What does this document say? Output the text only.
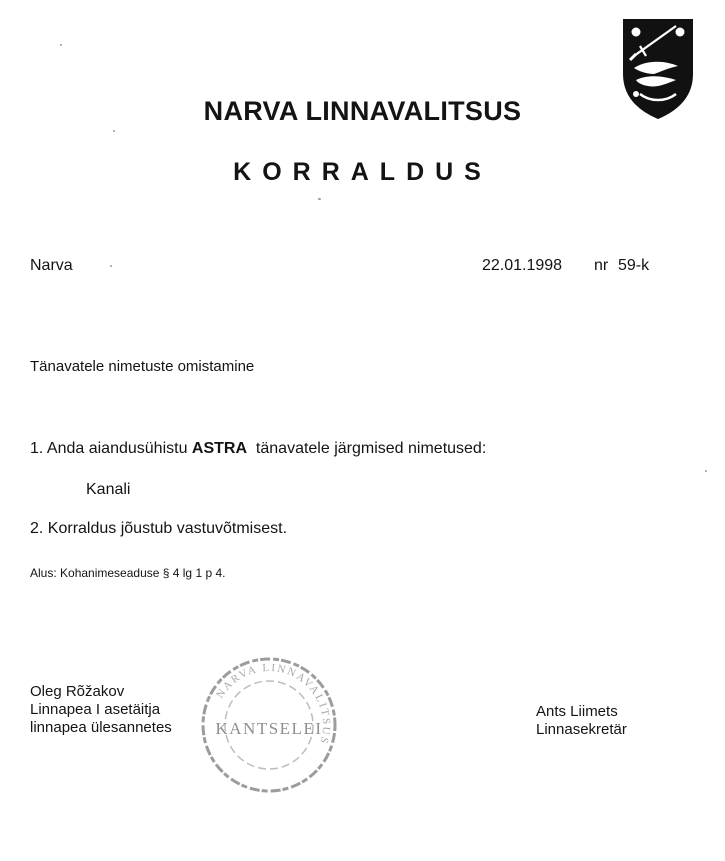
NARVA LINNAVALITSUS
KORRALDUS
Narva	22.01.1998 nr 59-k
Tänavatele nimetuste omistamine
1. Anda aiandusühistu ASTRA tänavatele järgmised nimetused:
Kanali
2. Korraldus jõustub vastuvõtmisest.
Alus: Kohanimeseaduse § 4 lg 1 p 4.
NARVA LINNAVALITSUS
KANTSELEI
Oleg Rõžakov
Linnapea I asetäitja
linnapea ülesannetes
Ants Liimets
Linnasekretär
